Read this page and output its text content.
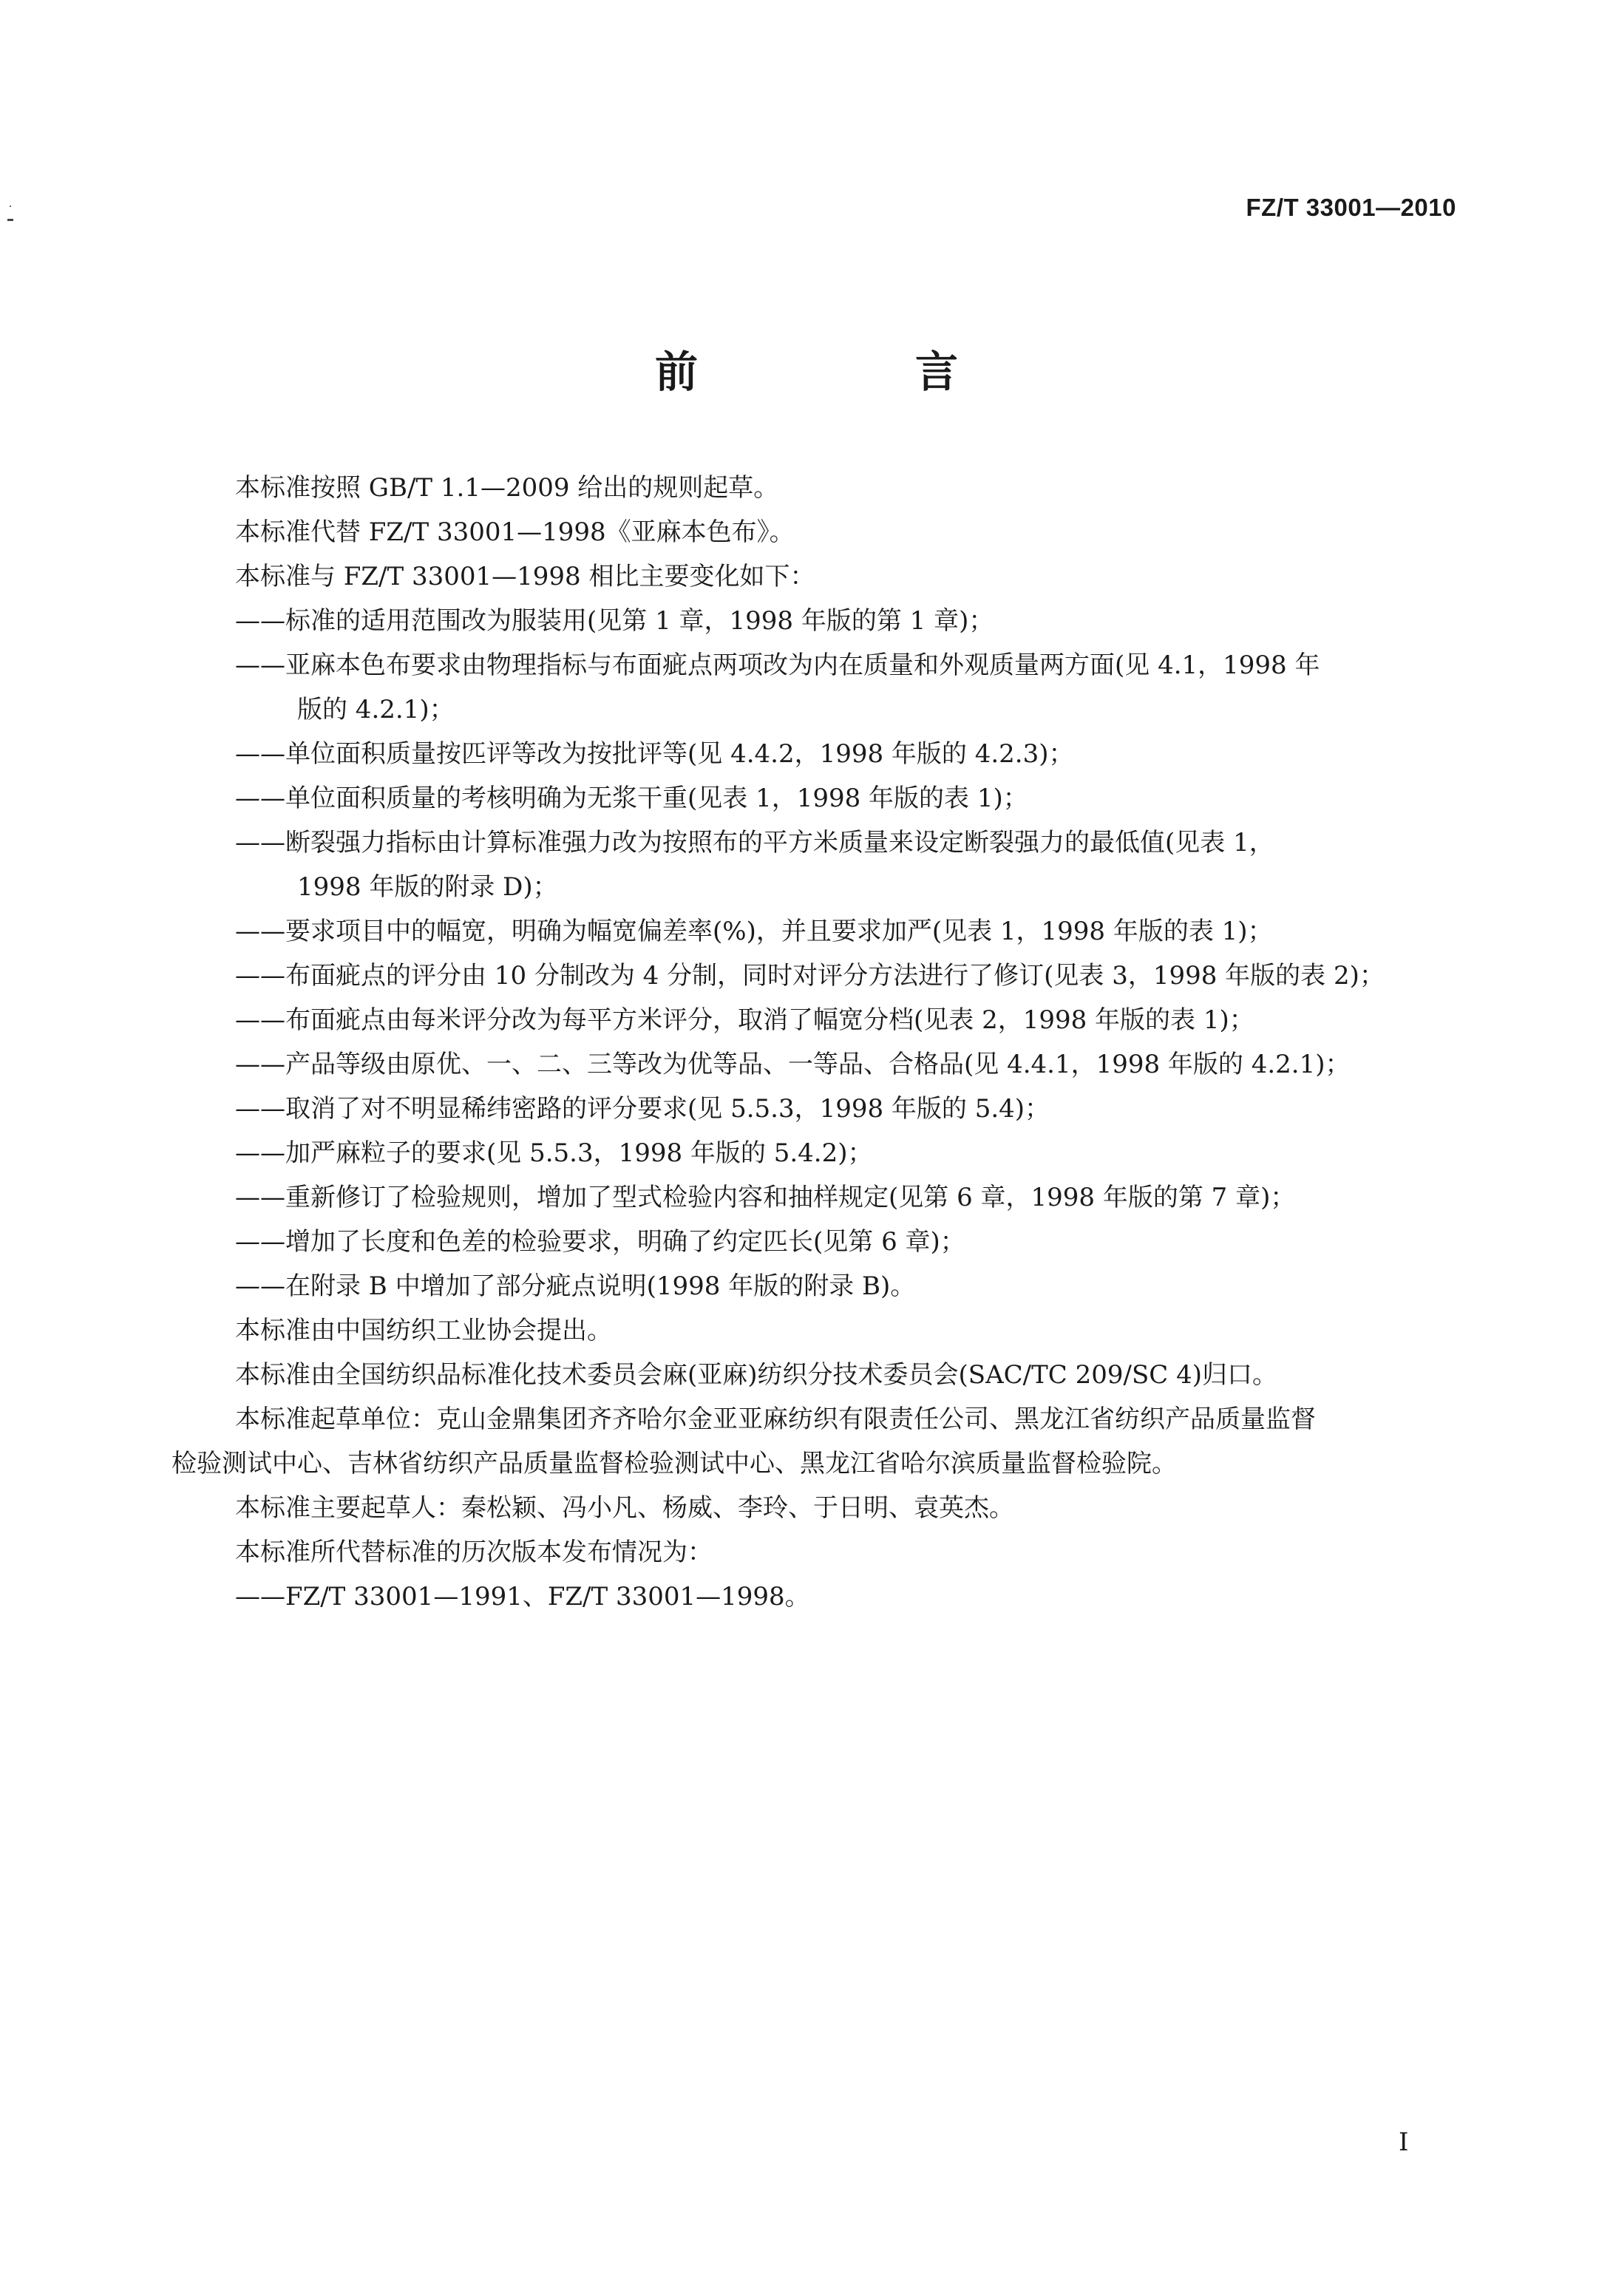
FZ/T 33001—2010
前　言
本标准按照 GB/T 1.1—2009 给出的规则起草。
本标准代替 FZ/T 33001—1998《亚麻本色布》。
本标准与 FZ/T 33001—1998 相比主要变化如下：
——标准的适用范围改为服装用(见第 1 章，1998 年版的第 1 章)；
——亚麻本色布要求由物理指标与布面疵点两项改为内在质量和外观质量两方面(见 4.1，1998 年
版的 4.2.1)；
——单位面积质量按匹评等改为按批评等(见 4.4.2，1998 年版的 4.2.3)；
——单位面积质量的考核明确为无浆干重(见表 1，1998 年版的表 1)；
——断裂强力指标由计算标准强力改为按照布的平方米质量来设定断裂强力的最低值(见表 1，
1998 年版的附录 D)；
——要求项目中的幅宽，明确为幅宽偏差率(%)，并且要求加严(见表 1，1998 年版的表 1)；
——布面疵点的评分由 10 分制改为 4 分制，同时对评分方法进行了修订(见表 3，1998 年版的表 2)；
——布面疵点由每米评分改为每平方米评分，取消了幅宽分档(见表 2，1998 年版的表 1)；
——产品等级由原优、一、二、三等改为优等品、一等品、合格品(见 4.4.1，1998 年版的 4.2.1)；
——取消了对不明显稀纬密路的评分要求(见 5.5.3，1998 年版的 5.4)；
——加严麻粒子的要求(见 5.5.3，1998 年版的 5.4.2)；
——重新修订了检验规则，增加了型式检验内容和抽样规定(见第 6 章，1998 年版的第 7 章)；
——增加了长度和色差的检验要求，明确了约定匹长(见第 6 章)；
——在附录 B 中增加了部分疵点说明(1998 年版的附录 B)。
本标准由中国纺织工业协会提出。
本标准由全国纺织品标准化技术委员会麻(亚麻)纺织分技术委员会(SAC/TC 209/SC 4)归口。
本标准起草单位：克山金鼎集团齐齐哈尔金亚亚麻纺织有限责任公司、黑龙江省纺织产品质量监督
检验测试中心、吉林省纺织产品质量监督检验测试中心、黑龙江省哈尔滨质量监督检验院。
本标准主要起草人：秦松颖、冯小凡、杨威、李玲、于日明、袁英杰。
本标准所代替标准的历次版本发布情况为：
——FZ/T 33001—1991、FZ/T 33001—1998。
I
